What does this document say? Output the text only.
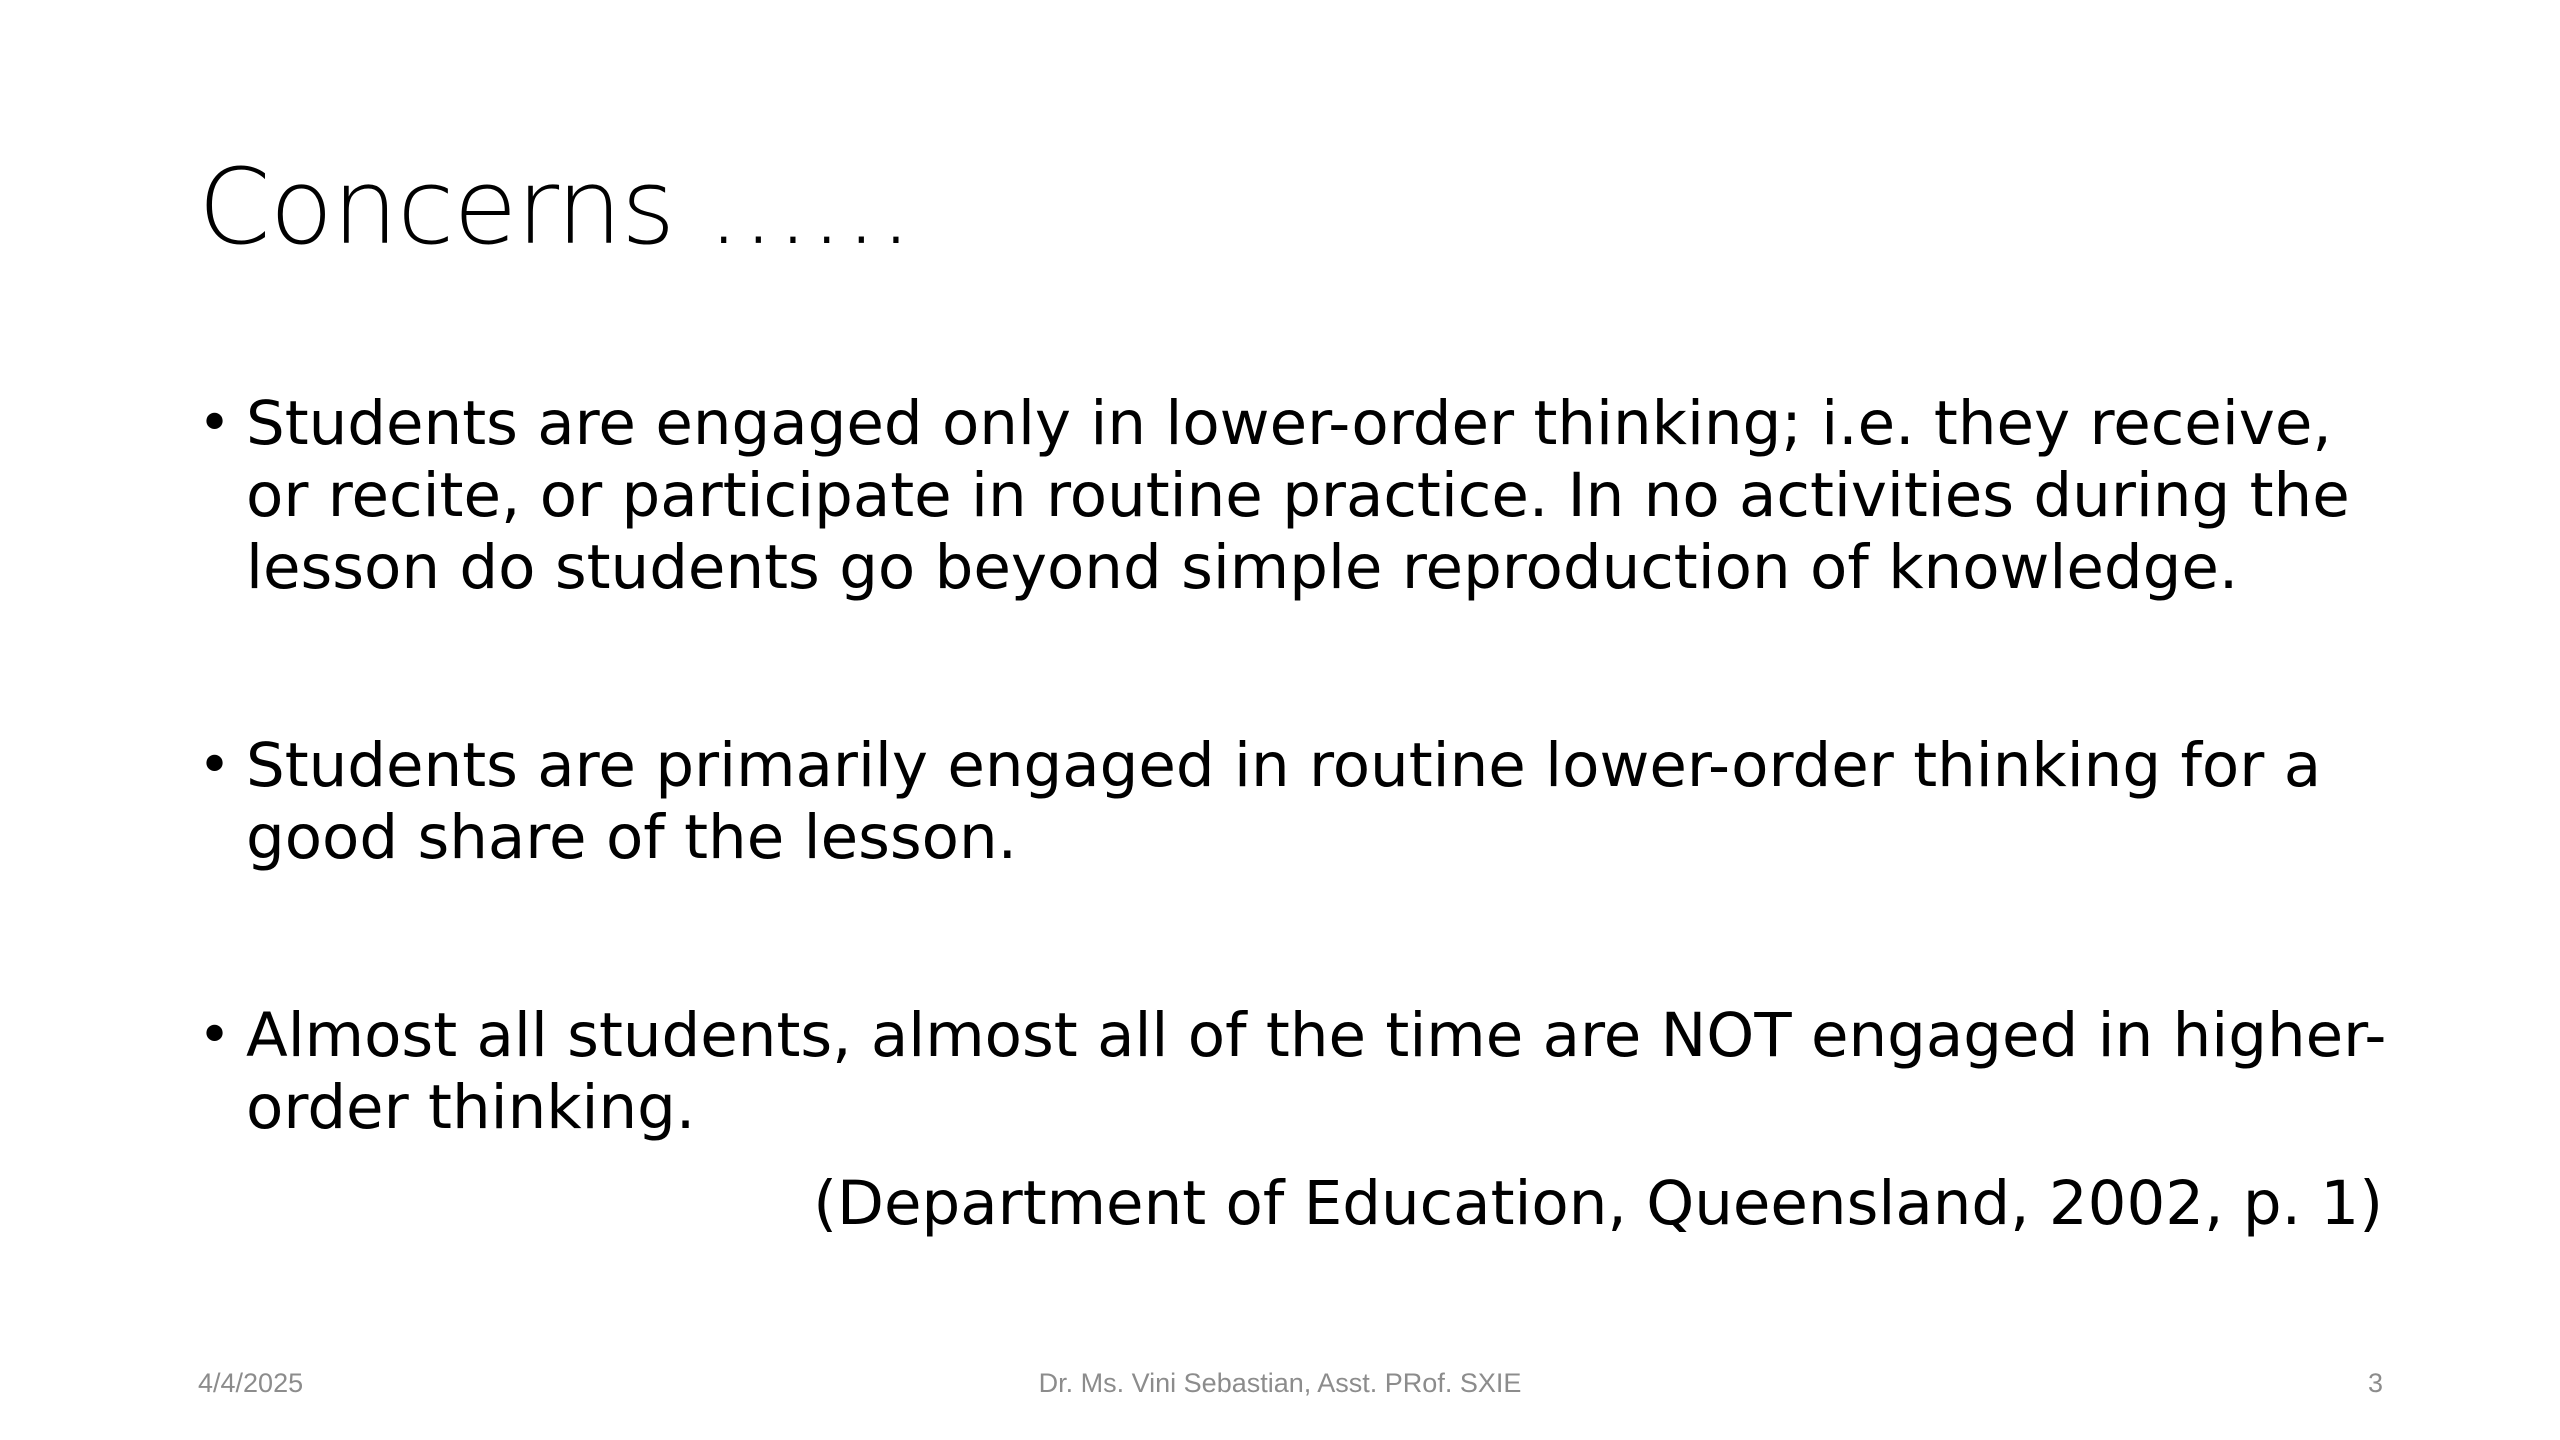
Concerns ……
• Students are engaged only in lower-order thinking; i.e. they receive, or recite, or participate in routine practice. In no activities during the lesson do students go beyond simple reproduction of knowledge.
• Students are primarily engaged in routine lower-order thinking for a good share of the lesson.
• Almost all students, almost all of the time are NOT engaged in higher-order thinking.
(Department of Education, Queensland, 2002, p. 1)
4/4/2025	Dr. Ms. Vini Sebastian, Asst. PRof. SXIE	3
